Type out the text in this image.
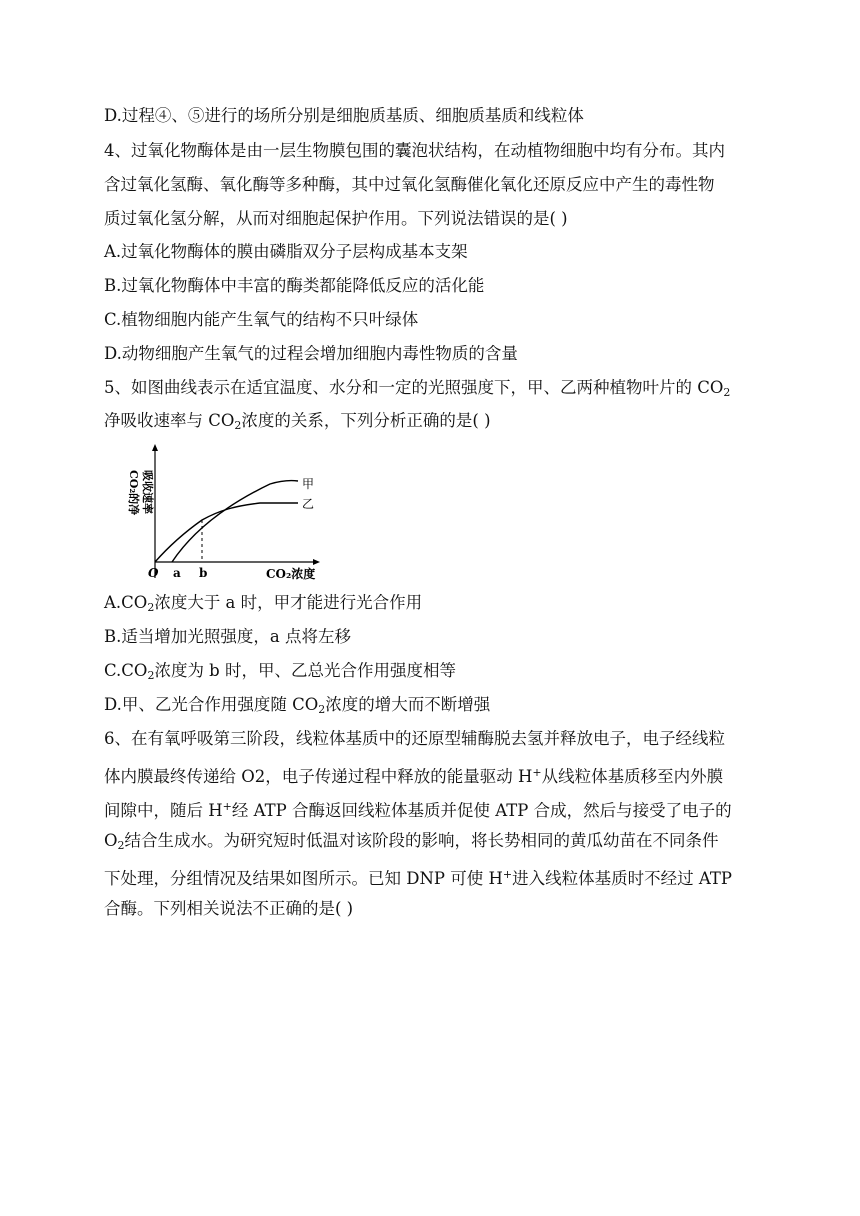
D.过程④、⑤进行的场所分别是细胞质基质、细胞质基质和线粒体
4、过氧化物酶体是由一层生物膜包围的囊泡状结构，在动植物细胞中均有分布。其内
含过氧化氢酶、氧化酶等多种酶，其中过氧化氢酶催化氧化还原反应中产生的毒性物
质过氧化氢分解，从而对细胞起保护作用。下列说法错误的是( )
A.过氧化物酶体的膜由磷脂双分子层构成基本支架
B.过氧化物酶体中丰富的酶类都能降低反应的活化能
C.植物细胞内能产生氧气的结构不只叶绿体
D.动物细胞产生氧气的过程会增加细胞内毒性物质的含量
5、如图曲线表示在适宜温度、水分和一定的光照强度下，甲、乙两种植物叶片的 $CO_2$
净吸收速率与 $CO_2$浓度的关系，下列分析正确的是( )
CO₂的净 吸收速率
O a b	CO₂浓度
甲
乙
$A.CO_2$浓度大于 a 时，甲才能进行光合作用
B.适当增加光照强度，a 点将左移
$C.CO_2$浓度为 b 时，甲、乙总光合作用强度相等
D.甲、乙光合作用强度随 $CO_2$浓度的增大而不断增强
6、在有氧呼吸第三阶段，线粒体基质中的还原型辅酶脱去氢并释放电子，电子经线粒
体内膜最终传递给 O2，电子传递过程中释放的能量驱动 H+从线粒体基质移至内外膜
间隙中，随后 H+经 ATP 合酶返回线粒体基质并促使 ATP 合成，然后与接受了电子的
$O_2$结合生成水。为研究短时低温对该阶段的影响，将长势相同的黄瓜幼苗在不同条件
下处理，分组情况及结果如图所示。已知 DNP 可使 H+进入线粒体基质时不经过 ATP
合酶。下列相关说法不正确的是( )
